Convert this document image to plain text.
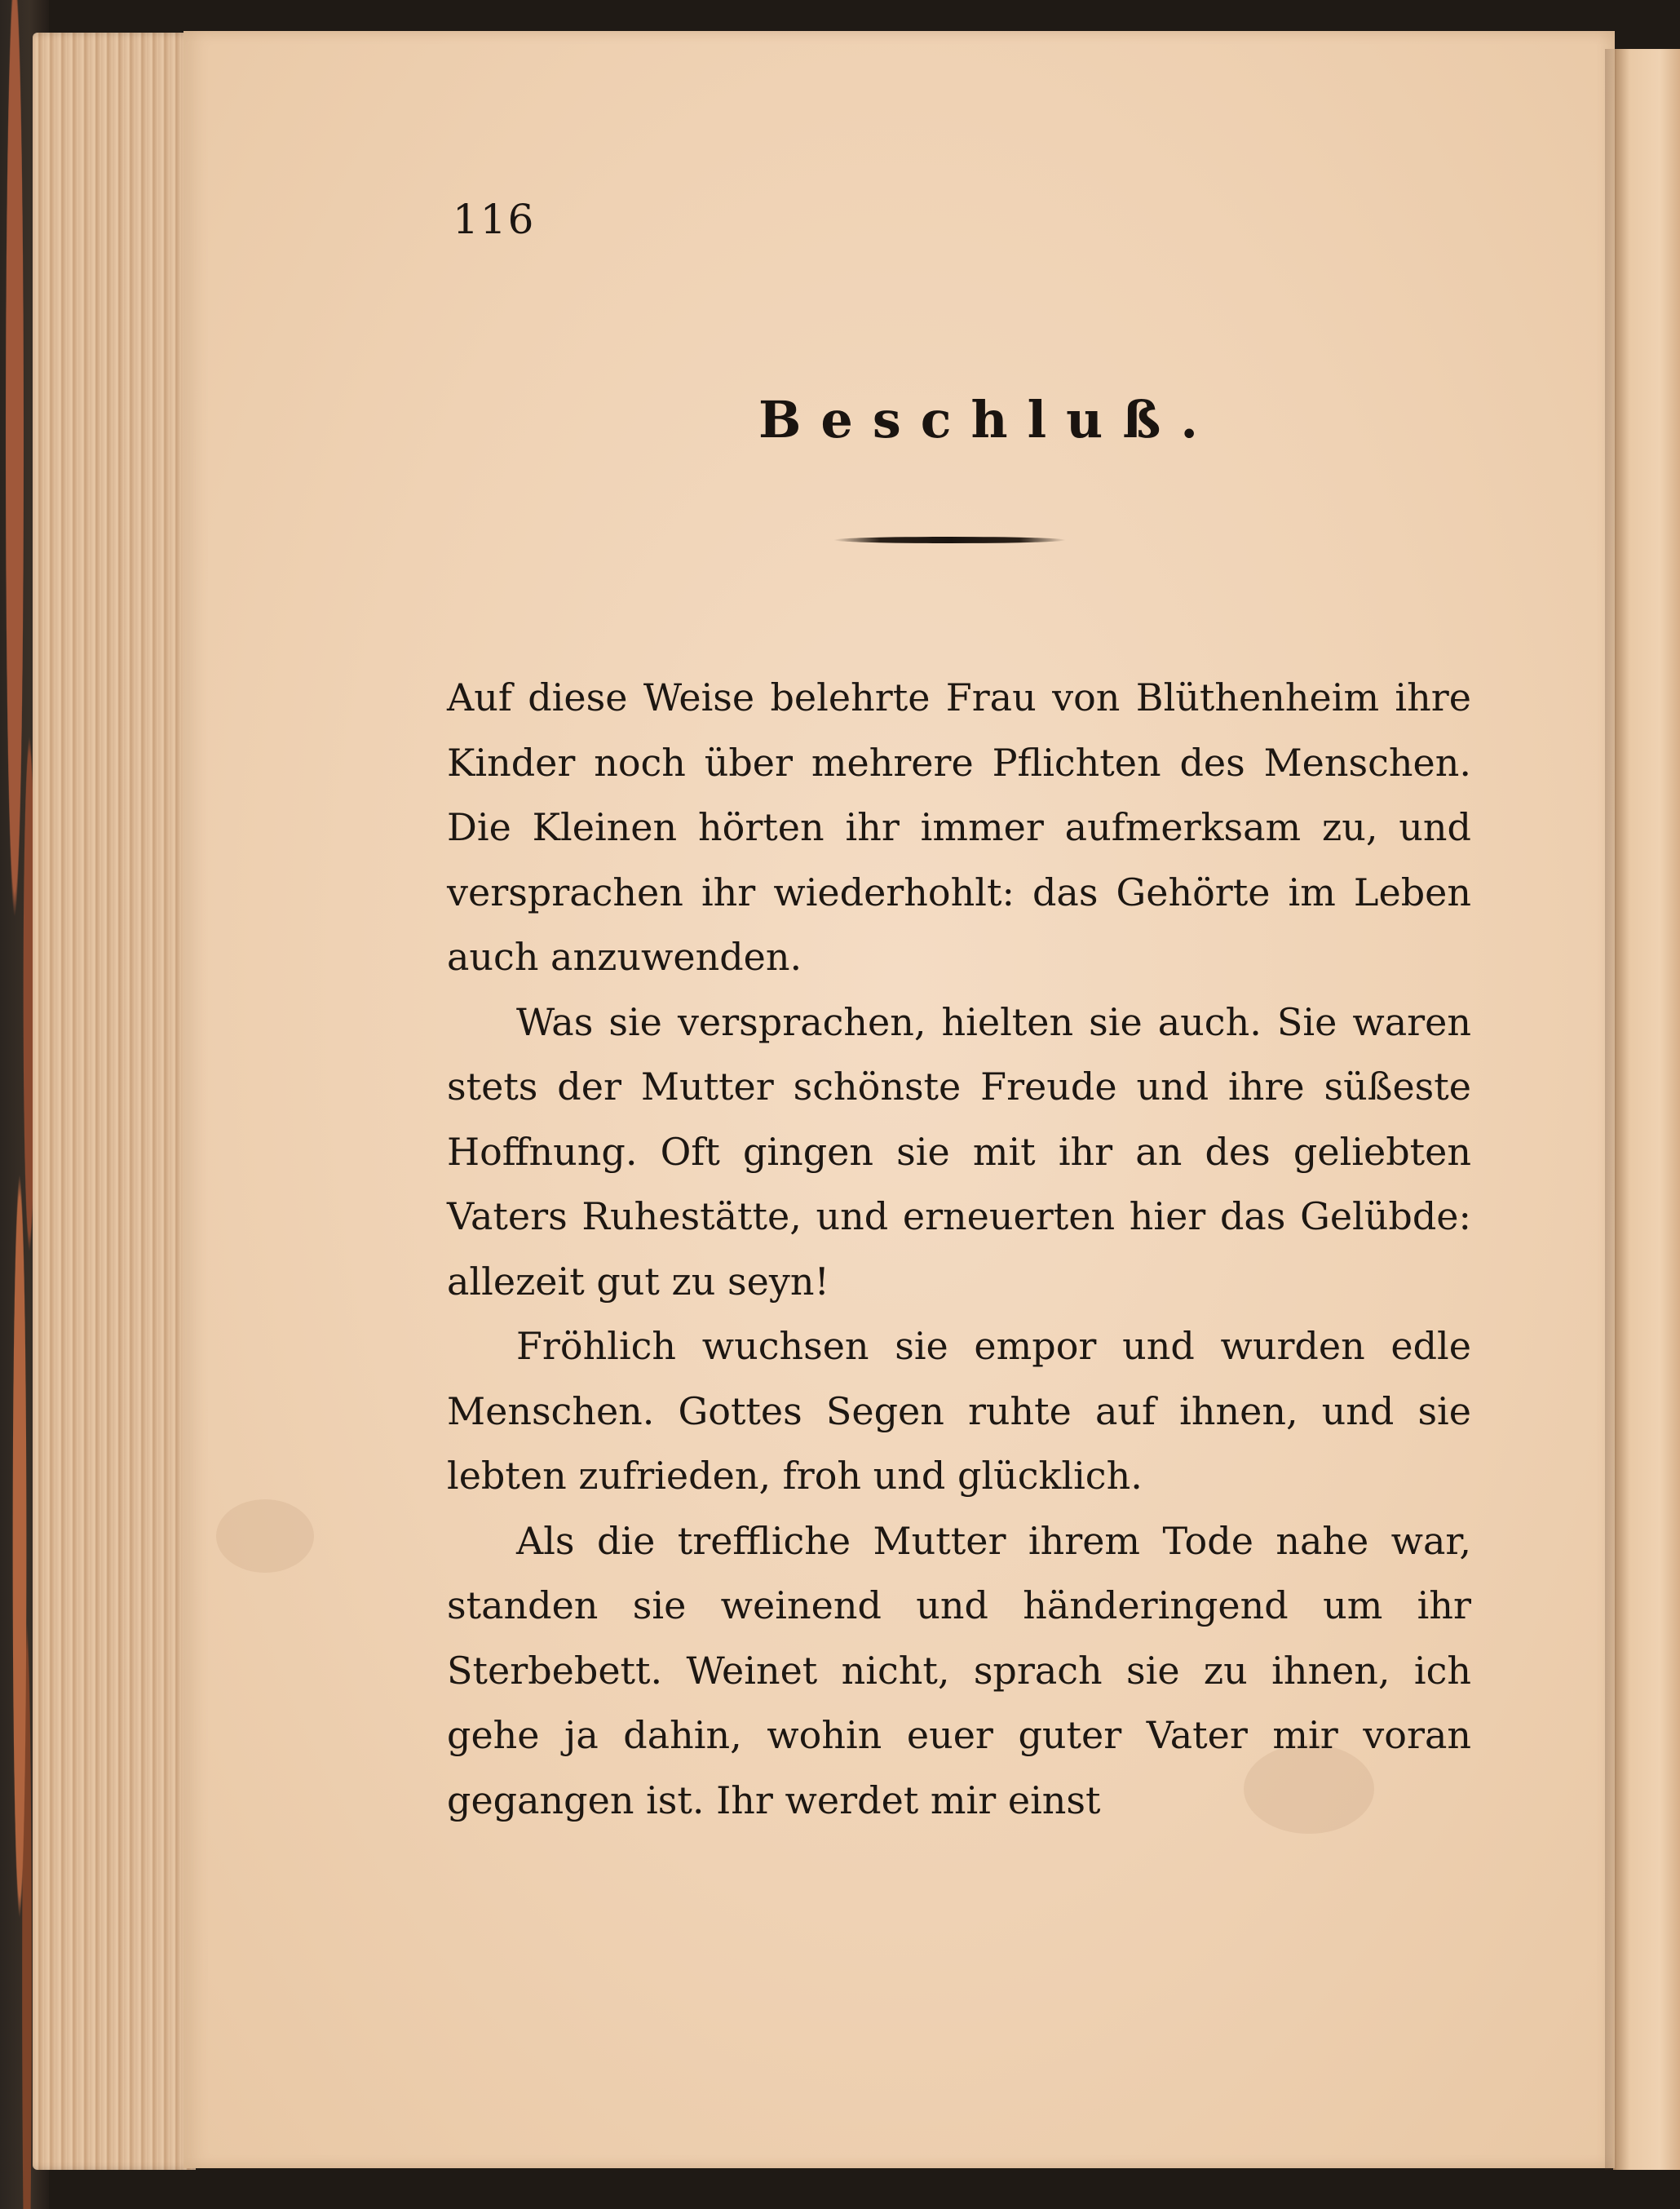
116
Beschluß.

Auf diese Weise belehrte Frau von Blüthenheim ihre Kinder noch über mehrere Pflichten des Menschen. Die Kleinen hörten ihr immer aufmerksam zu, und versprachen ihr wiederhohlt: das Gehörte im Leben auch anzuwenden.

Was sie versprachen, hielten sie auch. Sie waren stets der Mutter schönste Freude und ihre süßeste Hoffnung. Oft gingen sie mit ihr an des geliebten Vaters Ruhestätte, und erneuerten hier das Gelübde: allezeit gut zu seyn!

Fröhlich wuchsen sie empor und wurden edle Menschen. Gottes Segen ruhte auf ihnen, und sie lebten zufrieden, froh und glücklich.

Als die treffliche Mutter ihrem Tode nahe war, standen sie weinend und händeringend um ihr Sterbebett. Weinet nicht, sprach sie zu ihnen, ich gehe ja dahin, wohin euer guter Vater mir voran gegangen ist. Ihr werdet mir einst
